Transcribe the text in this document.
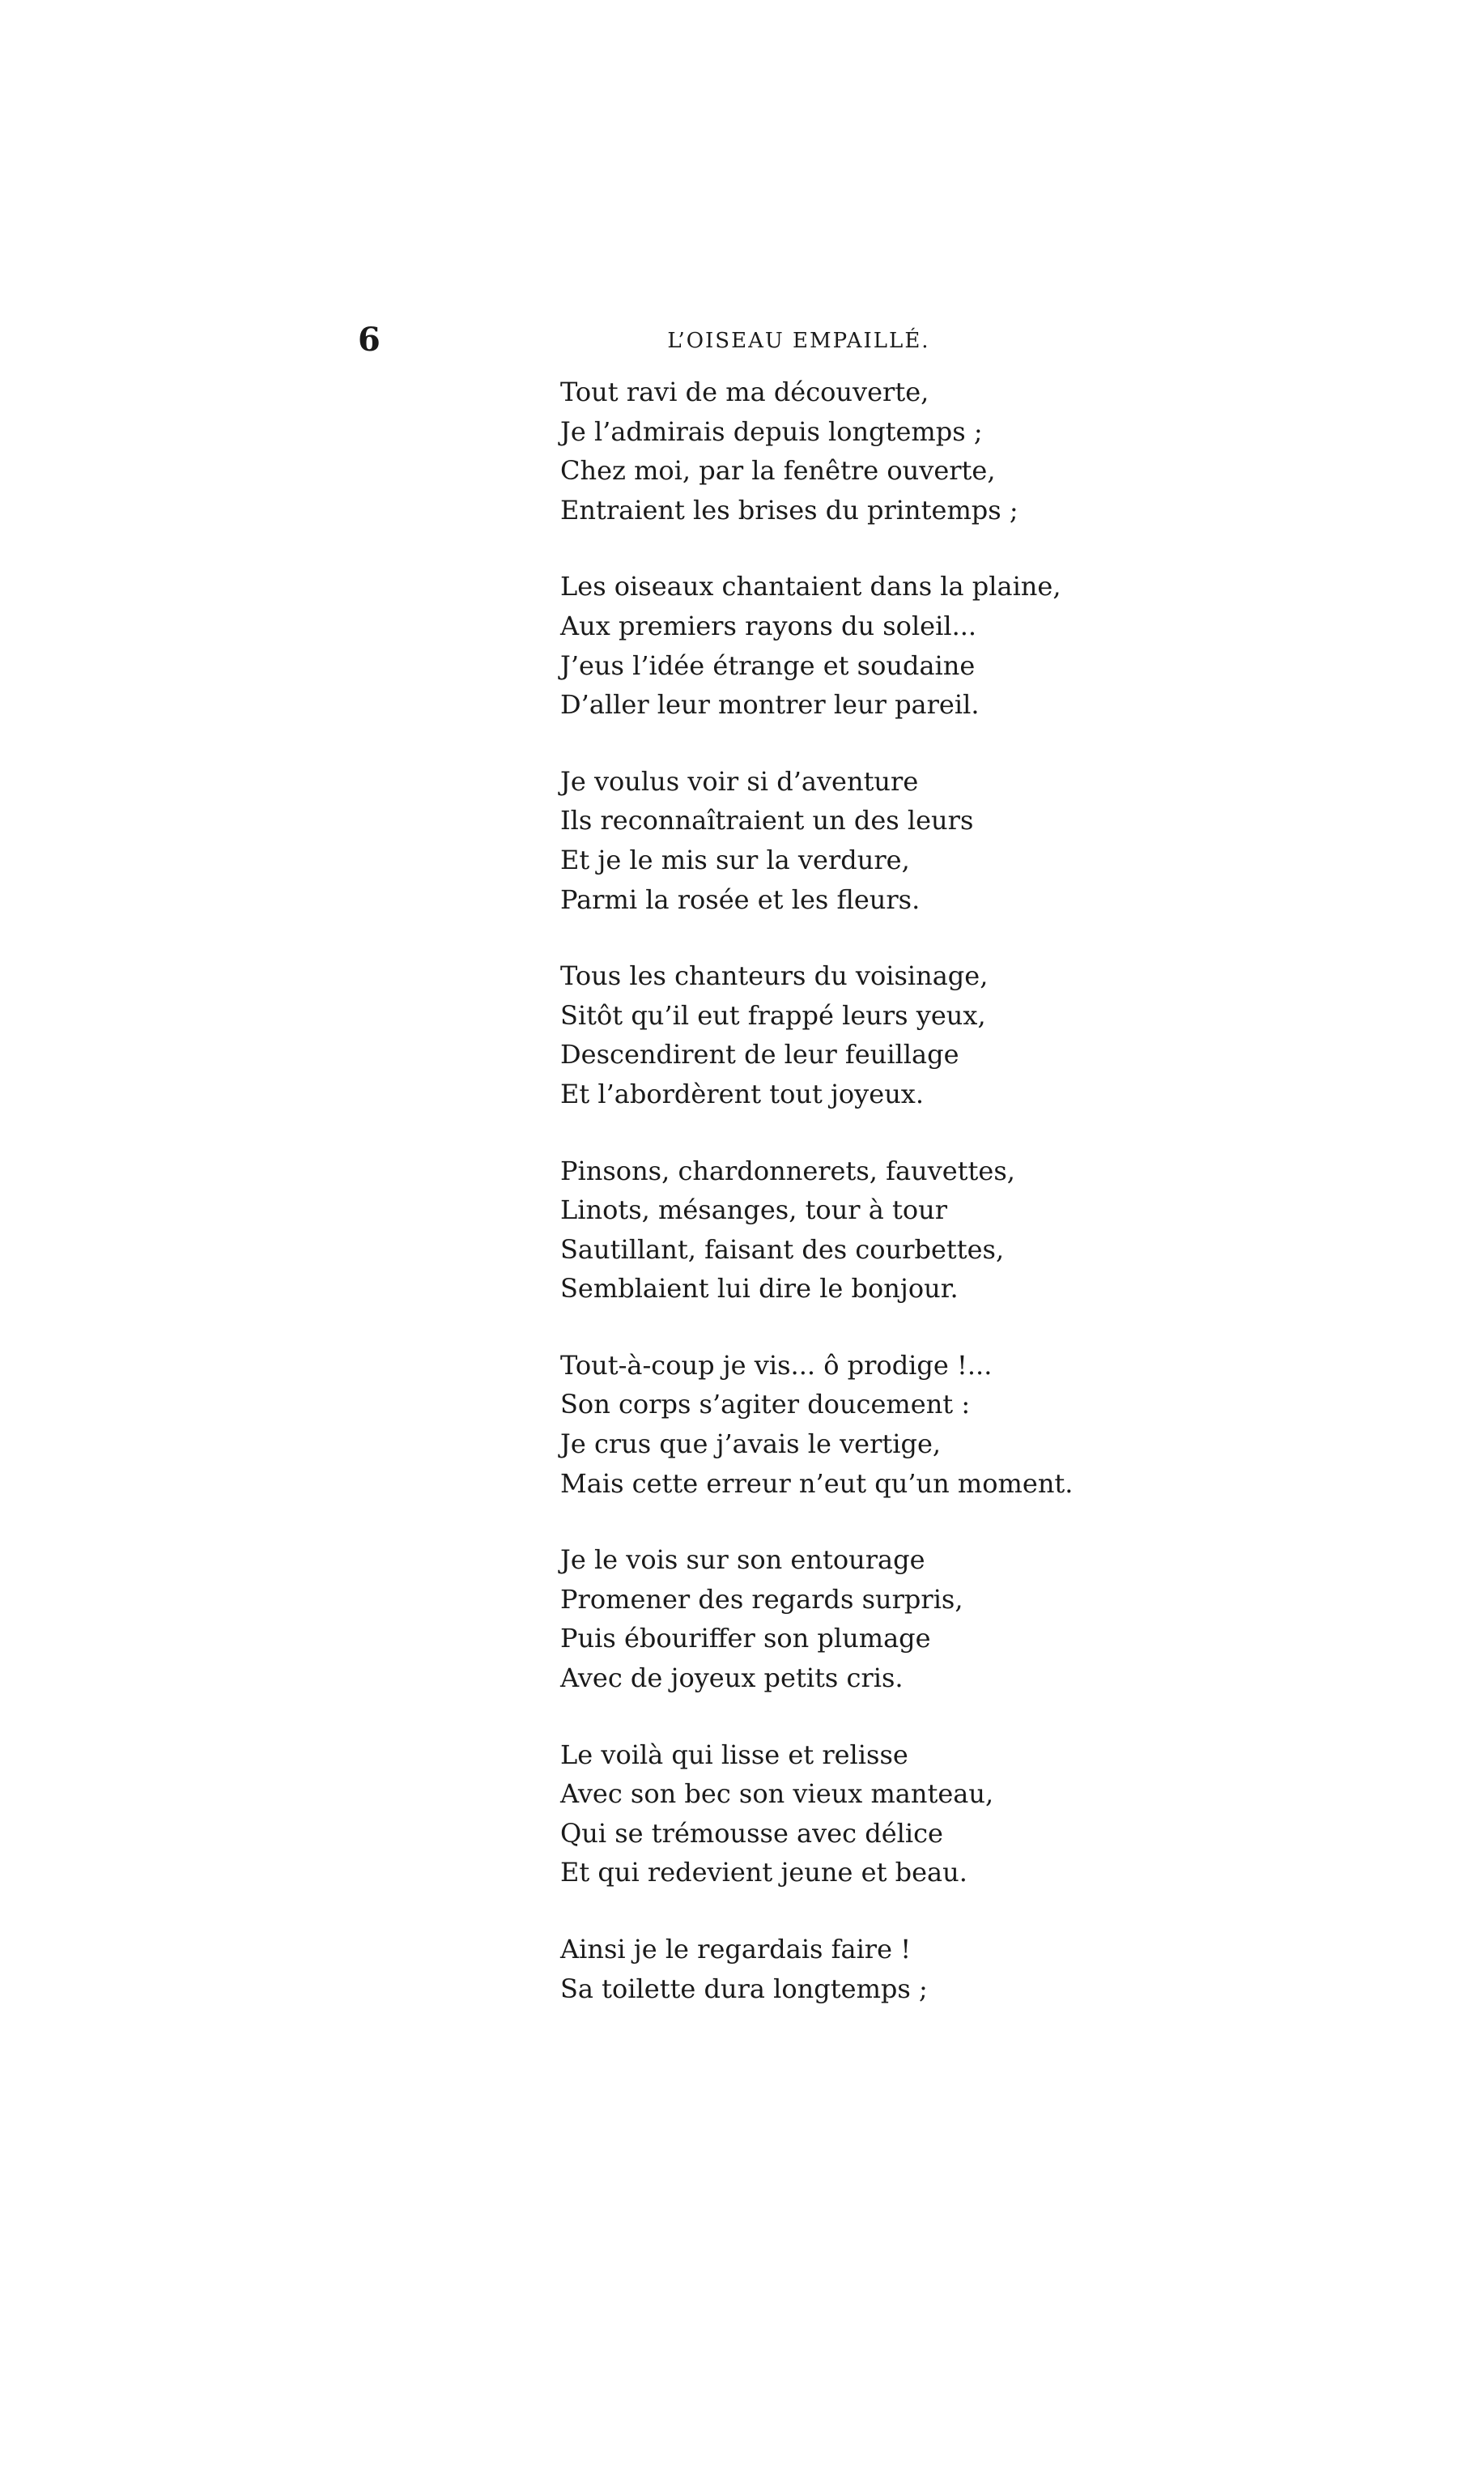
6	L’OISEAU EMPAILLÉ.

Tout ravi de ma découverte,
Je l’admirais depuis longtemps ;
Chez moi, par la fenêtre ouverte,
Entraient les brises du printemps ;

Les oiseaux chantaient dans la plaine,
Aux premiers rayons du soleil...
J’eus l’idée étrange et soudaine
D’aller leur montrer leur pareil.

Je voulus voir si d’aventure
Ils reconnaîtraient un des leurs
Et je le mis sur la verdure,
Parmi la rosée et les fleurs.

Tous les chanteurs du voisinage,
Sitôt qu’il eut frappé leurs yeux,
Descendirent de leur feuillage
Et l’abordèrent tout joyeux.

Pinsons, chardonnerets, fauvettes,
Linots, mésanges, tour à tour
Sautillant, faisant des courbettes,
Semblaient lui dire le bonjour.

Tout-à-coup je vis... ô prodige !...
Son corps s’agiter doucement :
Je crus que j’avais le vertige,
Mais cette erreur n’eut qu’un moment.

Je le vois sur son entourage
Promener des regards surpris,
Puis ébouriffer son plumage
Avec de joyeux petits cris.

Le voilà qui lisse et relisse
Avec son bec son vieux manteau,
Qui se trémousse avec délice
Et qui redevient jeune et beau.

Ainsi je le regardais faire !
Sa toilette dura longtemps ;
